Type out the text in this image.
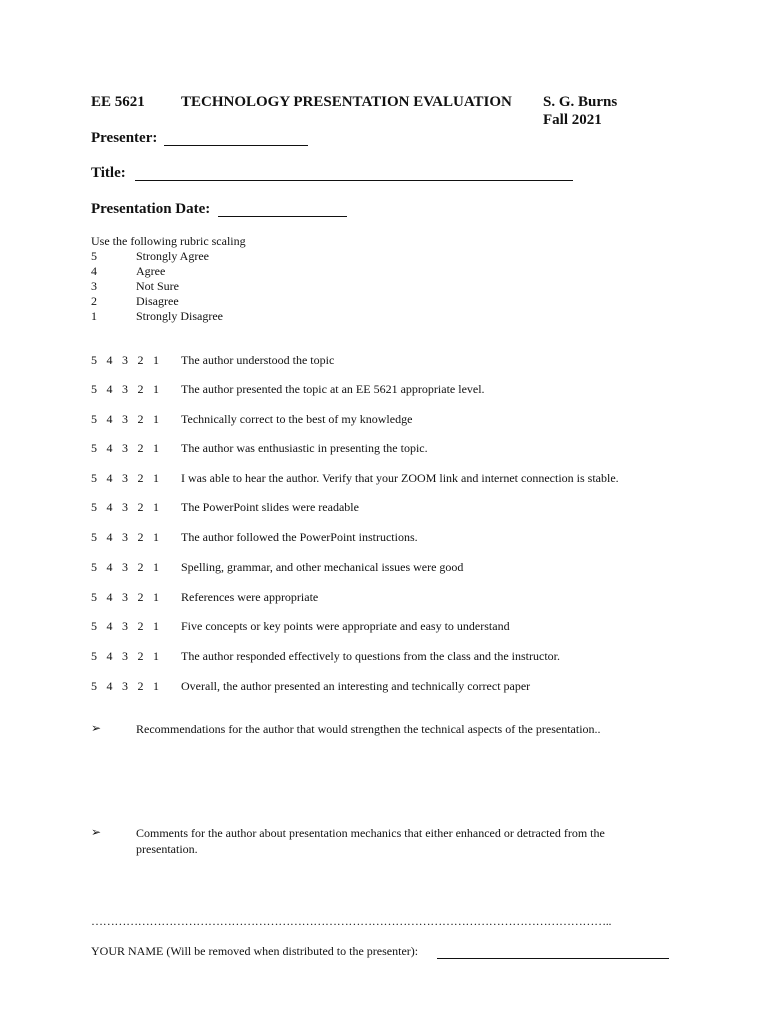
EE 5621 TECHNOLOGY PRESENTATION EVALUATION S. G. Burns
Fall 2021
Presenter:
Title:
Presentation Date:
Use the following rubric scaling
5	Strongly Agree
4	Agree
3	Not Sure
2	Disagree
1	Strongly Disagree
5 4 3 2 1	The author understood the topic
5 4 3 2 1	The author presented the topic at an EE 5621 appropriate level.
5 4 3 2 1	Technically correct to the best of my knowledge
5 4 3 2 1	The author was enthusiastic in presenting the topic.
5 4 3 2 1	I was able to hear the author. Verify that your ZOOM link and internet connection is stable.
5 4 3 2 1	The PowerPoint slides were readable
5 4 3 2 1	The author followed the PowerPoint instructions.
5 4 3 2 1	Spelling, grammar, and other mechanical issues were good
5 4 3 2 1	References were appropriate
5 4 3 2 1	Five concepts or key points were appropriate and easy to understand
5 4 3 2 1	The author responded effectively to questions from the class and the instructor.
5 4 3 2 1	Overall, the author presented an interesting and technically correct paper
➢	Recommendations for the author that would strengthen the technical aspects of the presentation..
➢	Comments for the author about presentation mechanics that either enhanced or detracted from the
presentation.
……………………………………………………………………………………………………………………..
YOUR NAME (Will be removed when distributed to the presenter):
